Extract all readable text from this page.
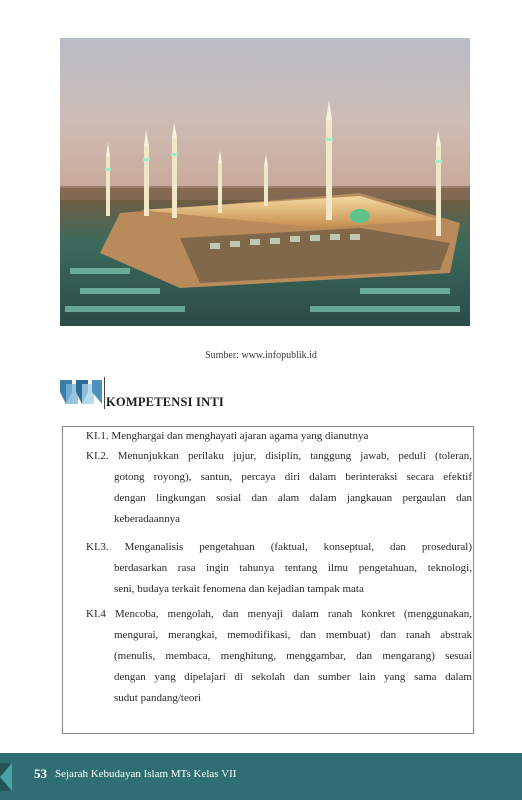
Sumber: www.infopublik.id
KOMPETENSI INTI
KI.1. Menghargai dan menghayati ajaran agama yang dianutnya
KI.2. Menunjukkan perilaku jujur, disiplin, tanggung jawab, peduli (toleran,
gotong royong), santun, percaya diri dalam berinteraksi secara efektif
dengan lingkungan sosial dan alam dalam jangkauan pergaulan dan
keberadaannya
KI.3. Menganalisis pengetahuan (faktual, konseptual, dan prosedural)
berdasarkan rasa ingin tahunya tentang ilmu pengetahuan, teknologi,
seni, budaya terkait fenomena dan kejadian tampak mata
KI.4 Mencoba, mengolah, dan menyaji dalam ranah konkret (menggunakan,
mengurai, merangkai, memodifikasi, dan membuat) dan ranah abstrak
(menulis, membaca, menghitung, menggambar, dan mengarang) sesuai
dengan yang dipelajari di sekolah dan sumber lain yang sama dalam
sudut pandang/teori
53 Sejarah Kebudayan Islam MTs Kelas VII
